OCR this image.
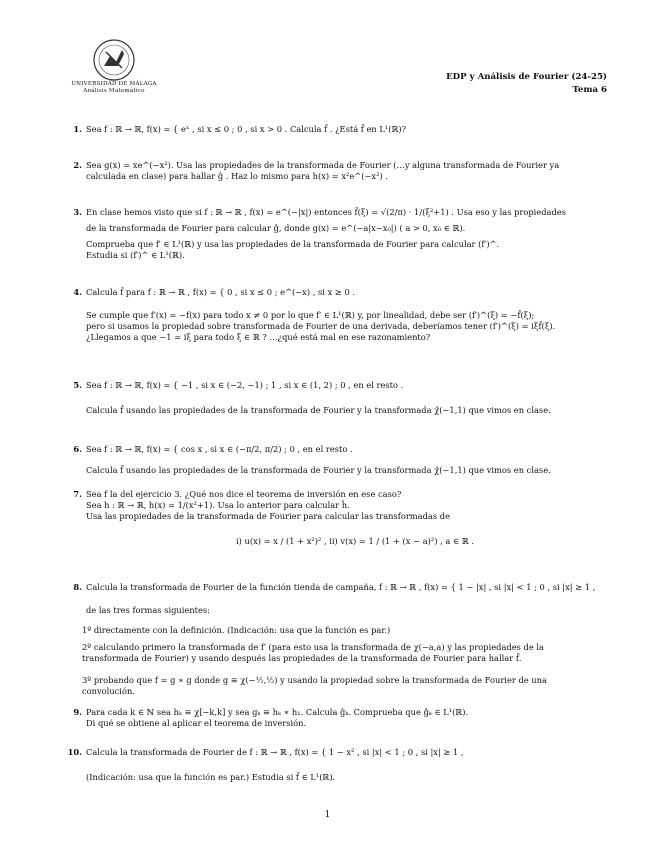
UNIVERSIDAD DE MÁLAGA
Análisis Matemático
EDP y Análisis de Fourier (24-25)
Tema 6
1. Sea f : ℝ → ℝ, f(x) = { eˣ , si x ≤ 0 ; 0 , si x > 0 . Calcula f̂ . ¿Está f̂ en L¹(ℝ)?
2. Sea g(x) = xe^(−x²). Usa las propiedades de la transformada de Fourier (…y alguna transformada de Fourier ya
calculada en clase) para hallar ĝ . Haz lo mismo para h(x) = x²e^(−x²) .
3. En clase hemos visto que si f : ℝ → ℝ , f(x) = e^(−|x|) entonces f̂(ξ) = √(2/π) · 1/(ξ²+1) . Usa eso y las propiedades
de la transformada de Fourier para calcular ĝ, donde g(x) = e^(−a|x−x₀|) ( a > 0, x₀ ∈ ℝ).
Comprueba que f′ ∈ L¹(ℝ) y usa las propiedades de la transformada de Fourier para calcular (f′)^.
Estudia si (f′)^ ∈ L¹(ℝ).
4. Calcula f̂ para f : ℝ → ℝ , f(x) = { 0 , si x ≤ 0 ; e^(−x) , si x ≥ 0 .
Se cumple que f′(x) = −f(x) para todo x ≠ 0 por lo que f′ ∈ L¹(ℝ) y, por linealidad, debe ser (f′)^(ξ) = −f̂(ξ);
pero si usamos la propiedad sobre transformada de Fourier de una derivada, deberíamos tener (f′)^(ξ) = iξf̂(ξ).
¿Llegamos a que −1 = iξ para todo ξ ∈ ℝ ? …¿qué está mal en ese razonamiento?
5. Sea f : ℝ → ℝ, f(x) = { −1 , si x ∈ (−2, −1) ; 1 , si x ∈ (1, 2) ; 0 , en el resto .
Calcula f̂ usando las propiedades de la transformada de Fourier y la transformada χ̂(−1,1) que vimos en clase.
6. Sea f : ℝ → ℝ, f(x) = { cos x , si x ∈ (−π/2, π/2) ; 0 , en el resto .
Calcula f̂ usando las propiedades de la transformada de Fourier y la transformada χ̂(−1,1) que vimos en clase.
7. Sea f la del ejercicio 3. ¿Qué nos dice el teorema de inversión en ese caso?
Sea h : ℝ → ℝ, h(x) = 1/(x²+1). Usa lo anterior para calcular ĥ.
Usa las propiedades de la transformada de Fourier para calcular las transformadas de
i) u(x) = x / (1 + x²)² , ii) v(x) = 1 / (1 + (x − a)²) , a ∈ ℝ .
8. Calcula la transformada de Fourier de la función tienda de campaña, f : ℝ → ℝ , f(x) = { 1 − |x| , si |x| < 1 ; 0 , si |x| ≥ 1 ,
de las tres formas siguientes:
1º directamente con la definición. (Indicación: usa que la función es par.)
2º calculando primero la transformada de f′ (para esto usa la transformada de χ(−a,a) y las propiedades de la
transformada de Fourier) y usando después las propiedades de la transformada de Fourier para hallar f̂.
3º probando que f = g ∗ g donde g ≡ χ(−½,½) y usando la propiedad sobre la transformada de Fourier de una
convolución.
9. Para cada k ∈ ℕ sea hₖ ≡ χ[−k,k] y sea gₖ ≡ hₖ ∗ h₁. Calcula ĝₖ. Comprueba que ĝₖ ∈ L¹(ℝ).
Di qué se obtiene al aplicar el teorema de inversión.
10. Calcula la transformada de Fourier de f : ℝ → ℝ , f(x) = { 1 − x² , si |x| < 1 ; 0 , si |x| ≥ 1 ,
(Indicación: usa que la función es par.) Estudia si f̂ ∈ L¹(ℝ).
1
